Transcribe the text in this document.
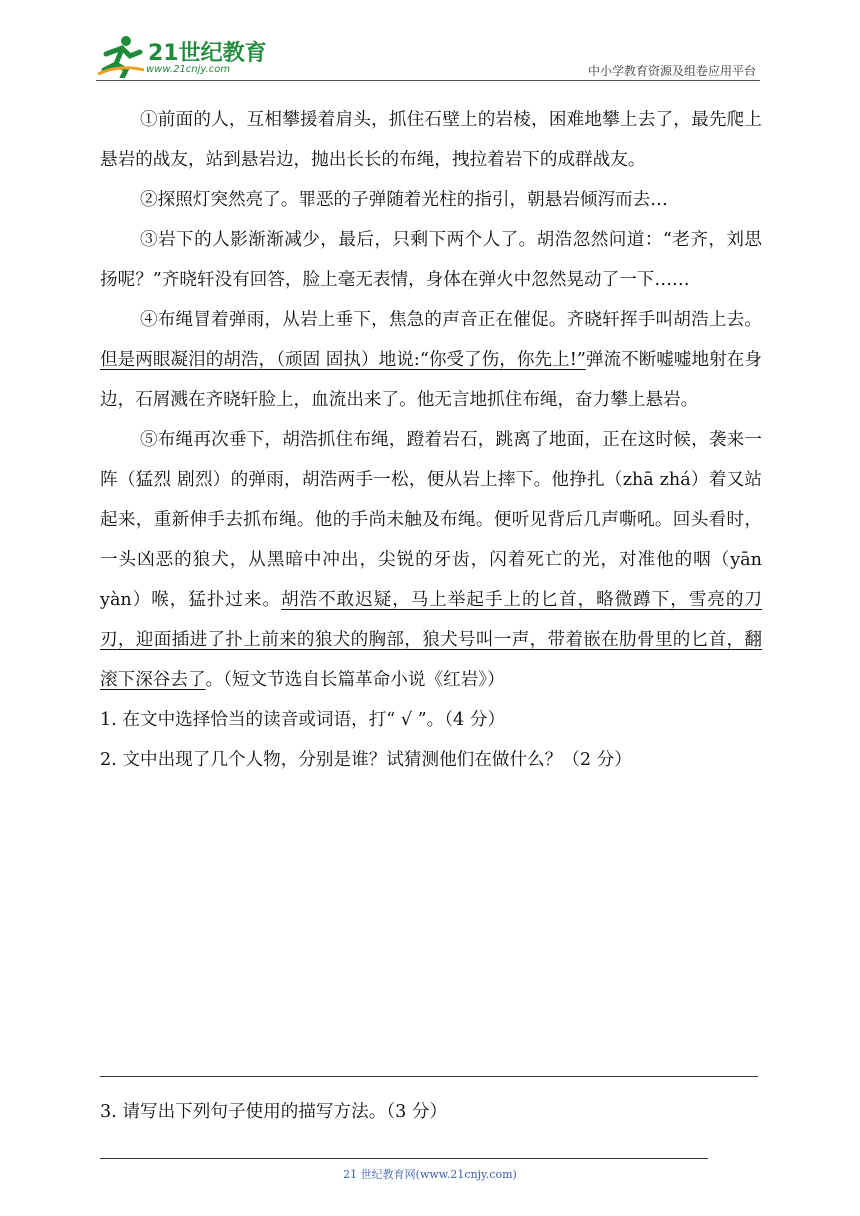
21世纪教育
www.21cnjy.com	中小学教育资源及组卷应用平台

①前面的人，互相攀援着肩头，抓住石壁上的岩棱，困难地攀上去了，最先爬上悬岩的战友，站到悬岩边，抛出长长的布绳，拽拉着岩下的成群战友。

②探照灯突然亮了。罪恶的子弹随着光柱的指引，朝悬岩倾泻而去…

③岩下的人影渐渐减少，最后，只剩下两个人了。胡浩忽然问道：“老齐，刘思扬呢？”齐晓轩没有回答，脸上毫无表情，身体在弹火中忽然晃动了一下……

④布绳冒着弹雨，从岩上垂下，焦急的声音正在催促。齐晓轩挥手叫胡浩上去。但是两眼凝泪的胡浩，（顽固 固执）地说:“你受了伤，你先上!”弹流不断嘘嘘地射在身边，石屑溅在齐晓轩脸上，血流出来了。他无言地抓住布绳，奋力攀上悬岩。

⑤布绳再次垂下，胡浩抓住布绳，蹬着岩石，跳离了地面，正在这时候，袭来一阵（猛烈 剧烈）的弹雨，胡浩两手一松，便从岩上摔下。他挣扎（zhā zhá）着又站起来，重新伸手去抓布绳。他的手尚未触及布绳。便听见背后几声嘶吼。回头看时，一头凶恶的狼犬，从黑暗中冲出，尖锐的牙齿，闪着死亡的光，对准他的咽（yān yàn）喉，猛扑过来。胡浩不敢迟疑，马上举起手上的匕首，略微蹲下，雪亮的刀刃，迎面插进了扑上前来的狼犬的胸部，狼犬号叫一声，带着嵌在肋骨里的匕首，翻滚下深谷去了。（短文节选自长篇革命小说《红岩》）

1. 在文中选择恰当的读音或词语，打“ √ ”。（4 分）

2. 文中出现了几个人物，分别是谁？试猜测他们在做什么？（2 分）

3. 请写出下列句子使用的描写方法。（3 分）

21 世纪教育网(www.21cnjy.com)
